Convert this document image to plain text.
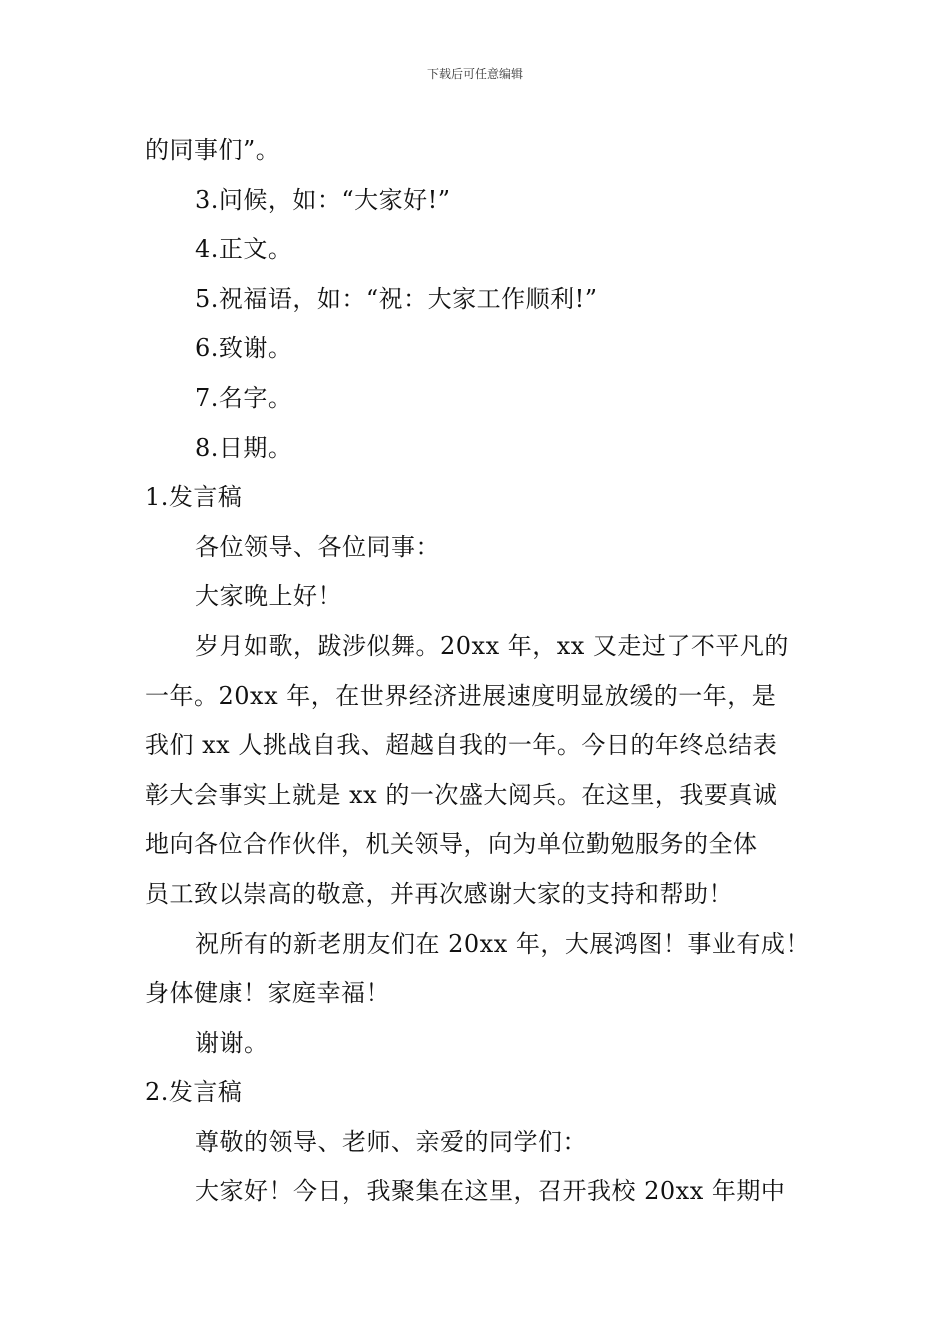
下载后可任意编辑

的同事们”。

3.问候，如：“大家好!”

4.正文。

5.祝福语，如：“祝：大家工作顺利!”

6.致谢。

7.名字。

8.日期。

1.发言稿

各位领导、各位同事：

大家晚上好！

岁月如歌，跋涉似舞。20xx 年，xx 又走过了不平凡的

一年。20xx 年，在世界经济进展速度明显放缓的一年，是

我们 xx 人挑战自我、超越自我的一年。今日的年终总结表

彰大会事实上就是 xx 的一次盛大阅兵。在这里，我要真诚

地向各位合作伙伴，机关领导，向为单位勤勉服务的全体

员工致以崇高的敬意，并再次感谢大家的支持和帮助！

祝所有的新老朋友们在 20xx 年，大展鸿图！事业有成！

身体健康！家庭幸福！

谢谢。

2.发言稿

尊敬的领导、老师、亲爱的同学们：

大家好！今日，我聚集在这里，召开我校 20xx 年期中
